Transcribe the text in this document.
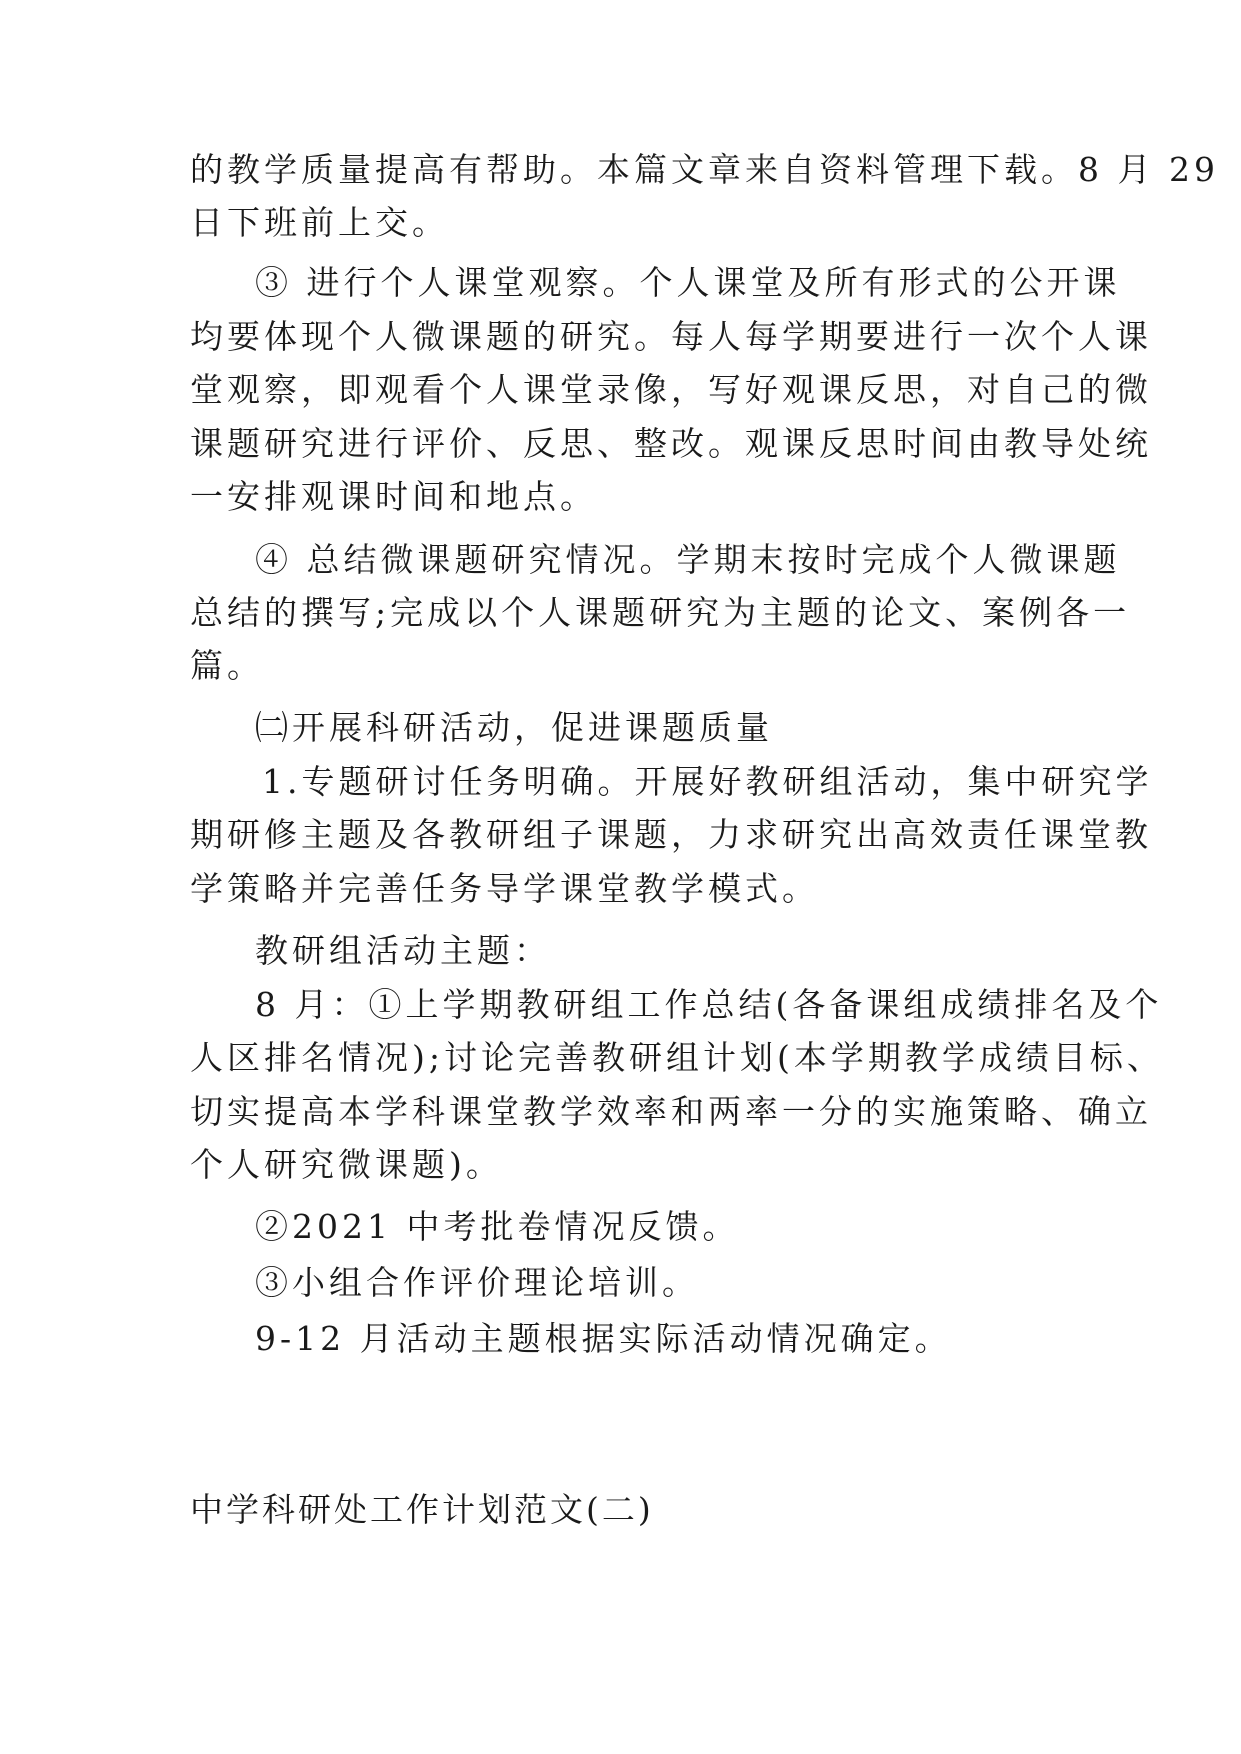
的教学质量提高有帮助。本篇文章来自资料管理下载。8 月 29
日下班前上交。
③ 进行个人课堂观察。个人课堂及所有形式的公开课
均要体现个人微课题的研究。每人每学期要进行一次个人课
堂观察，即观看个人课堂录像，写好观课反思，对自己的微
课题研究进行评价、反思、整改。观课反思时间由教导处统
一安排观课时间和地点。
④ 总结微课题研究情况。学期末按时完成个人微课题
总结的撰写;完成以个人课题研究为主题的论文、案例各一
篇。
㈡开展科研活动，促进课题质量
1.专题研讨任务明确。开展好教研组活动，集中研究学
期研修主题及各教研组子课题，力求研究出高效责任课堂教
学策略并完善任务导学课堂教学模式。
教研组活动主题：
8 月：①上学期教研组工作总结(各备课组成绩排名及个
人区排名情况);讨论完善教研组计划(本学期教学成绩目标、
切实提高本学科课堂教学效率和两率一分的实施策略、确立
个人研究微课题)。
②2021 中考批卷情况反馈。
③小组合作评价理论培训。
9-12 月活动主题根据实际活动情况确定。
中学科研处工作计划范文(二)
